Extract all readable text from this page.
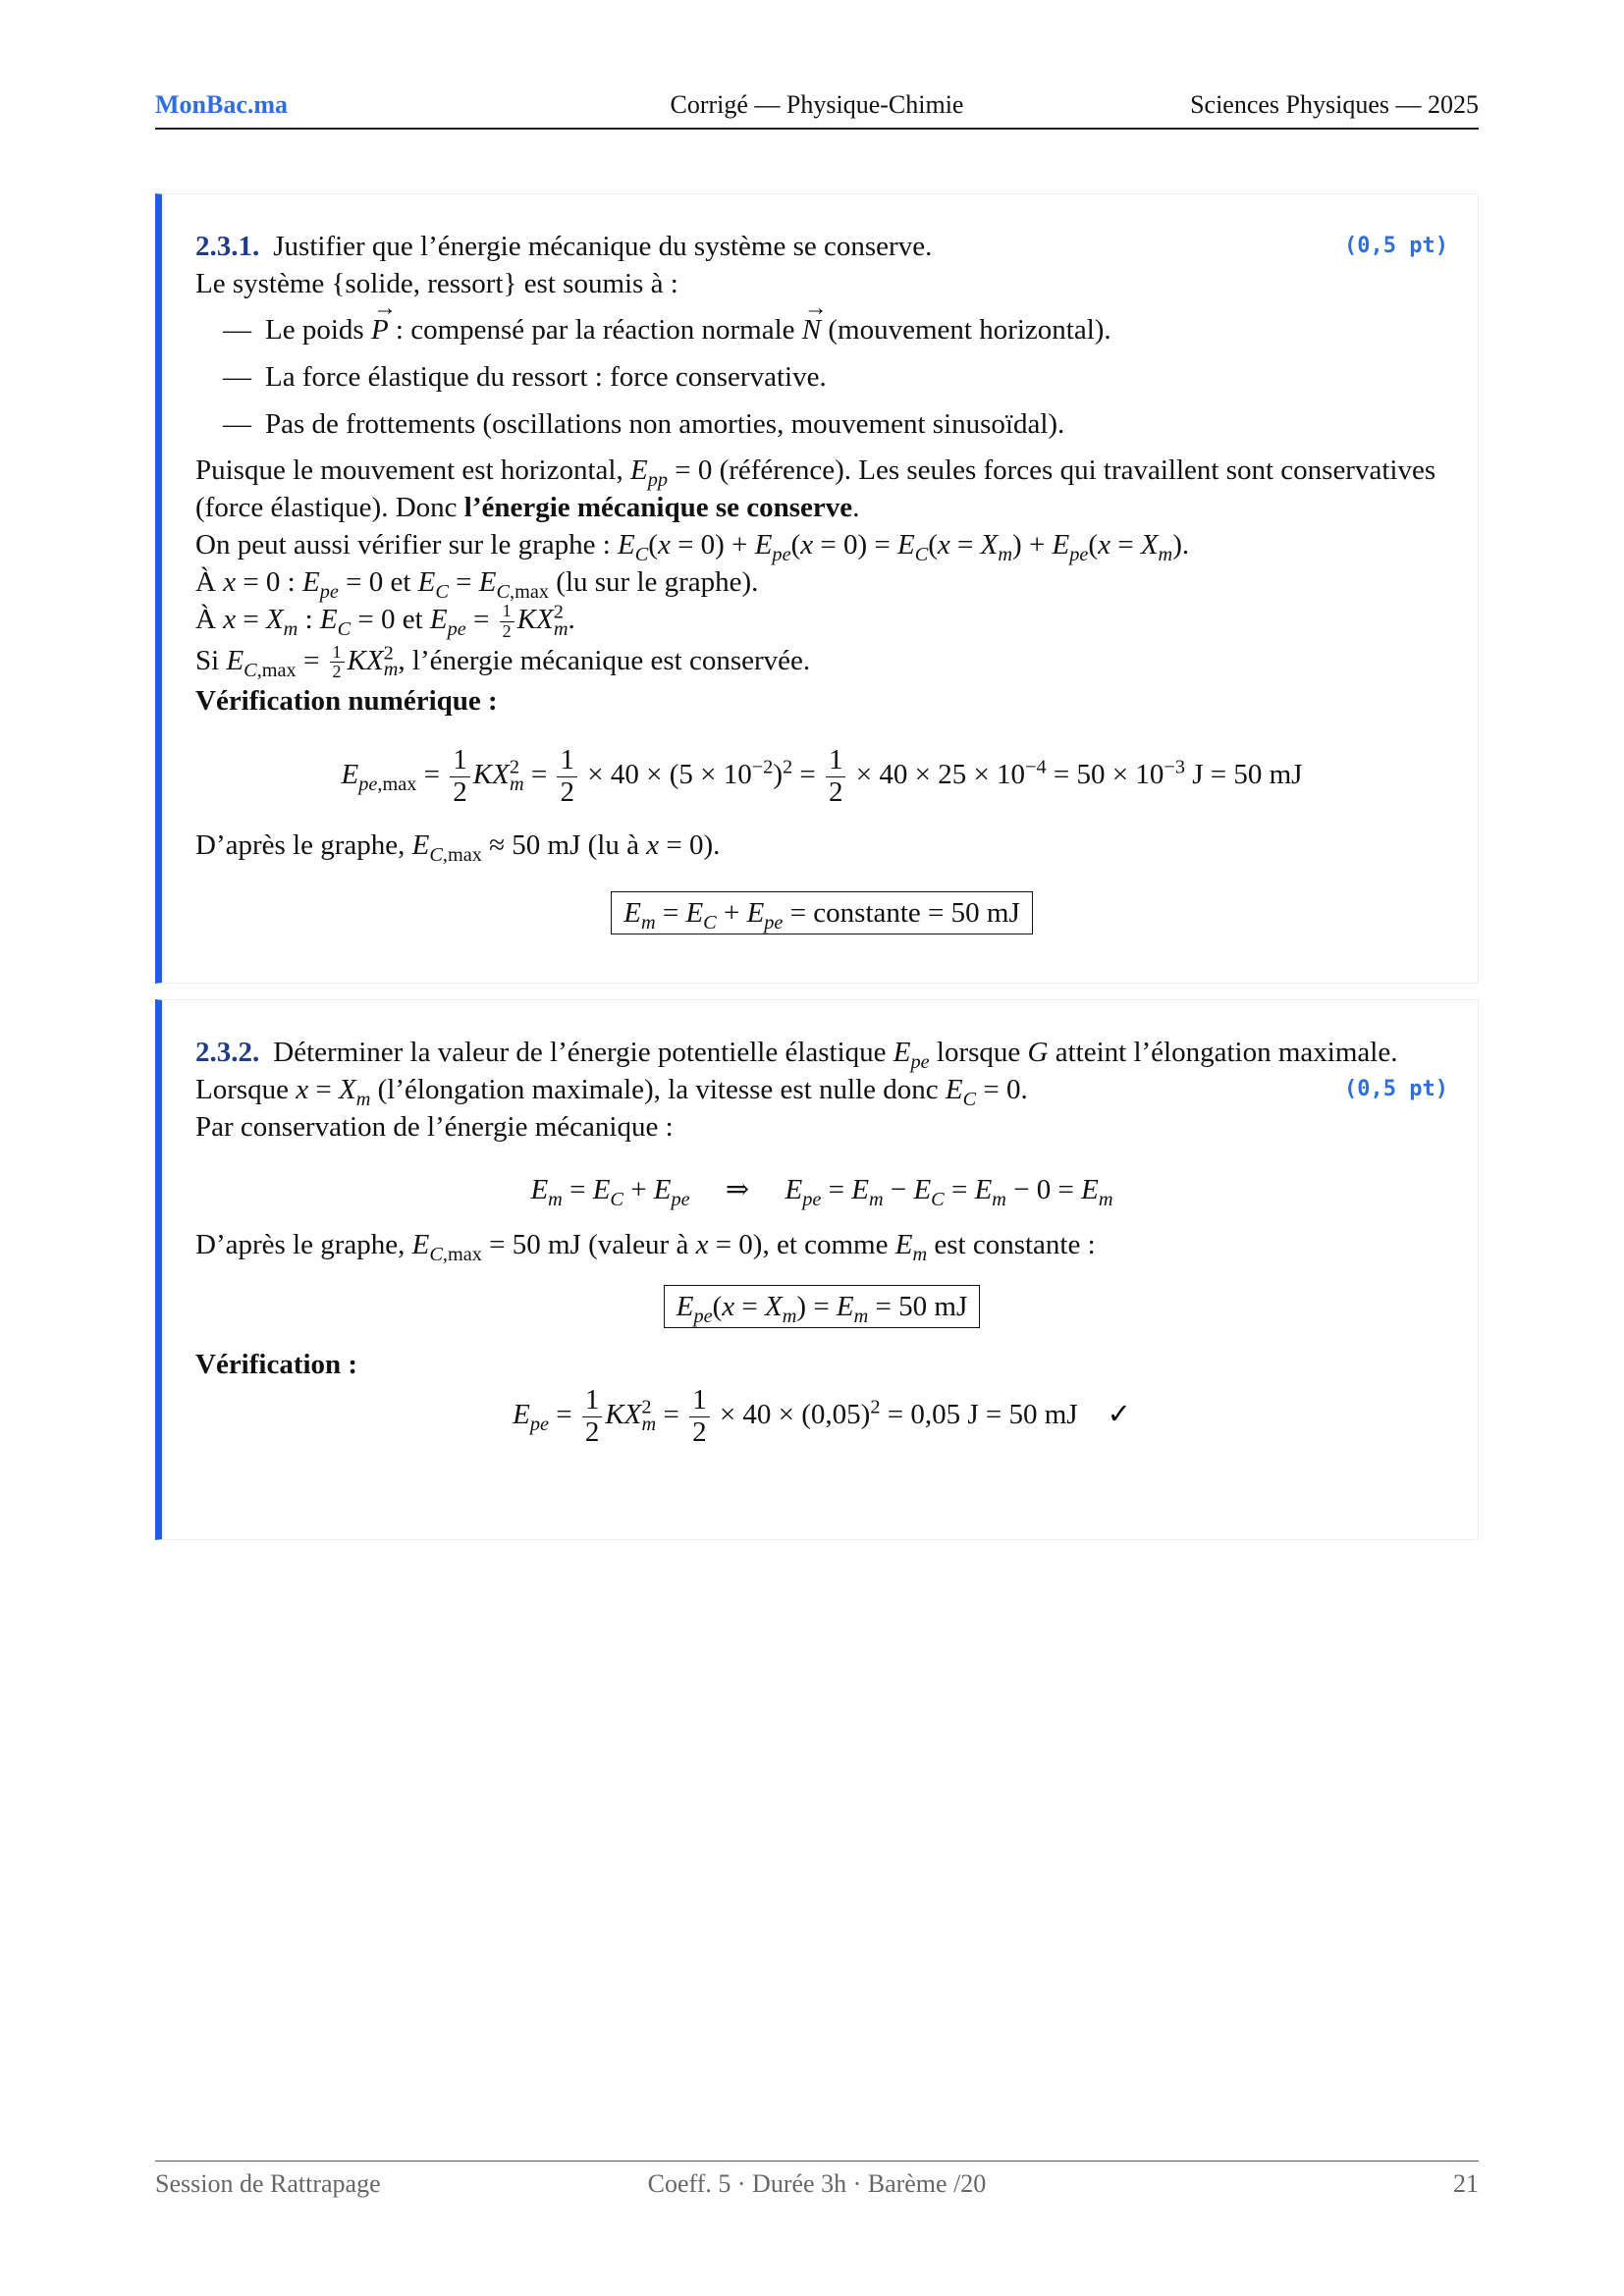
MonBac.ma	Corrigé — Physique-Chimie	Sciences Physiques — 2025
2.3.1. Justifier que l’énergie mécanique du système se conserve.	(0,5 pt)
Le système {solide, ressort} est soumis à :
— Le poids → P : compensé par la réaction normale → N (mouvement horizontal).
— La force élastique du ressort : force conservative.
— Pas de frottements (oscillations non amorties, mouvement sinusoïdal).
Puisque le mouvement est horizontal, $E_{pp} = 0$ (référence). Les seules forces qui travaillent sont conservatives (force élastique). Donc l’énergie mécanique se conserve.
On peut aussi vérifier sur le graphe : $E_C(x = 0) + E_{pe}(x = 0) = E_C(x = X_m) + E_{pe}(x = X_m)$.
À x = 0 : $E_{pe} = 0$ et $E_C = E_{C,max}$ (lu sur le graphe).
À $x = X_m$ : $E_C = 0$ et $E_{pe} = \frac{1}{2} KX^2_m$.
Si $E_{C,max} = \frac{1}{2} KX^2_m$, l’énergie mécanique est conservée.
Vérification numérique :
$E_{pe,max} = \frac{1}{2} KX^2_m = \frac{1}{2} \times 40 \times (5 \times 10^{-2})^2 = \frac{1}{2} \times 40 \times 25 \times 10^{-4} = 50 \times 10^{-3}$ J = 50 mJ
D’après le graphe, $E_{C,max} \approx 50$ mJ (lu à x = 0).
$E_m = E_C + E_{pe}$ = constante = 50 mJ
2.3.2. Déterminer la valeur de l’énergie potentielle élastique $E_{pe}$ lorsque G atteint l’élongation maximale.
(0,5 pt)
Lorsque $x = X_m$ (l’élongation maximale), la vitesse est nulle donc $E_C = 0$.
Par conservation de l’énergie mécanique :
$E_m = E_C + E_{pe}$     ⇒     $E_{pe} = E_m - E_C = E_m - 0 = E_m$
D’après le graphe, $E_{C,max} = 50$ mJ (valeur à x = 0), et comme $E_m$ est constante :
$E_{pe}(x = X_m) = E_m = 50$ mJ
Vérification :
$E_{pe} = \frac{1}{2} KX^2_m = \frac{1}{2} \times 40 \times (0,05)^2 = 0,05$ J = 50 mJ ✓
Session de Rattrapage	Coeff. 5 · Durée 3h · Barème /20	21
